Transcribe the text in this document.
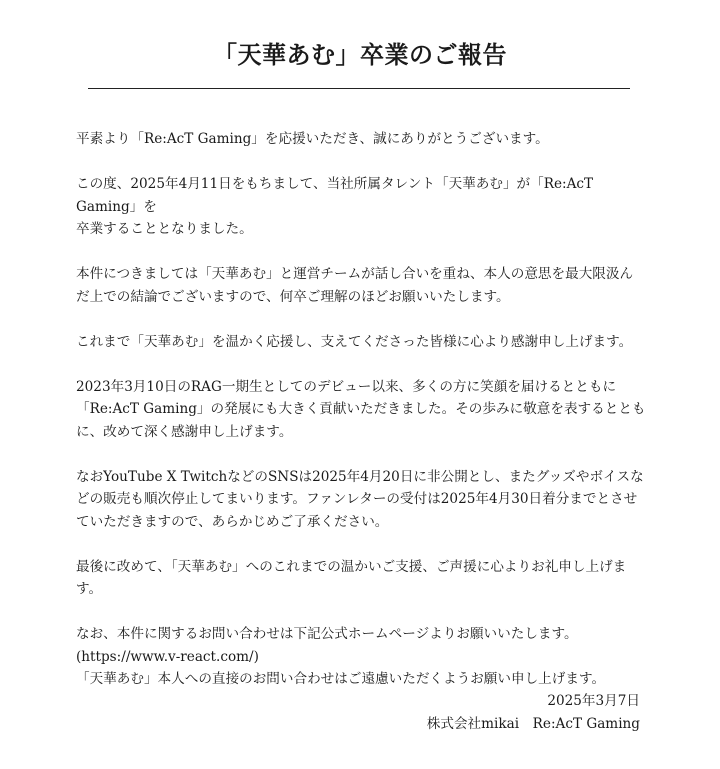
「天華あむ」卒業のご報告

平素より「Re:AcT Gaming」を応援いただき、誠にありがとうございます。

この度、2025年4月11日をもちまして、当社所属タレント「天華あむ」が「Re:AcT Gaming」を
卒業することとなりました。

本件につきましては「天華あむ」と運営チームが話し合いを重ね、本人の意思を最大限汲ん
だ上での結論でございますので、何卒ご理解のほどお願いいたします。

これまで「天華あむ」を温かく応援し、支えてくださった皆様に心より感謝申し上げます。

2023年3月10日のRAG一期生としてのデビュー以来、多くの方に笑顔を届けるとともに
「Re:AcT Gaming」の発展にも大きく貢献いただきました。その歩みに敬意を表するととも
に、改めて深く感謝申し上げます。

なおYouTube X TwitchなどのSNSは2025年4月20日に非公開とし、またグッズやボイスな
どの販売も順次停止してまいります。ファンレターの受付は2025年4月30日着分までとさせ
ていただきますので、あらかじめご了承ください。

最後に改めて、「天華あむ」へのこれまでの温かいご支援、ご声援に心よりお礼申し上げま
す。

なお、本件に関するお問い合わせは下記公式ホームページよりお願いいたします。
(https://www.v-react.com/)
「天華あむ」本人への直接のお問い合わせはご遠慮いただくようお願い申し上げます。

2025年3月7日
株式会社mikai　Re:AcT Gaming
